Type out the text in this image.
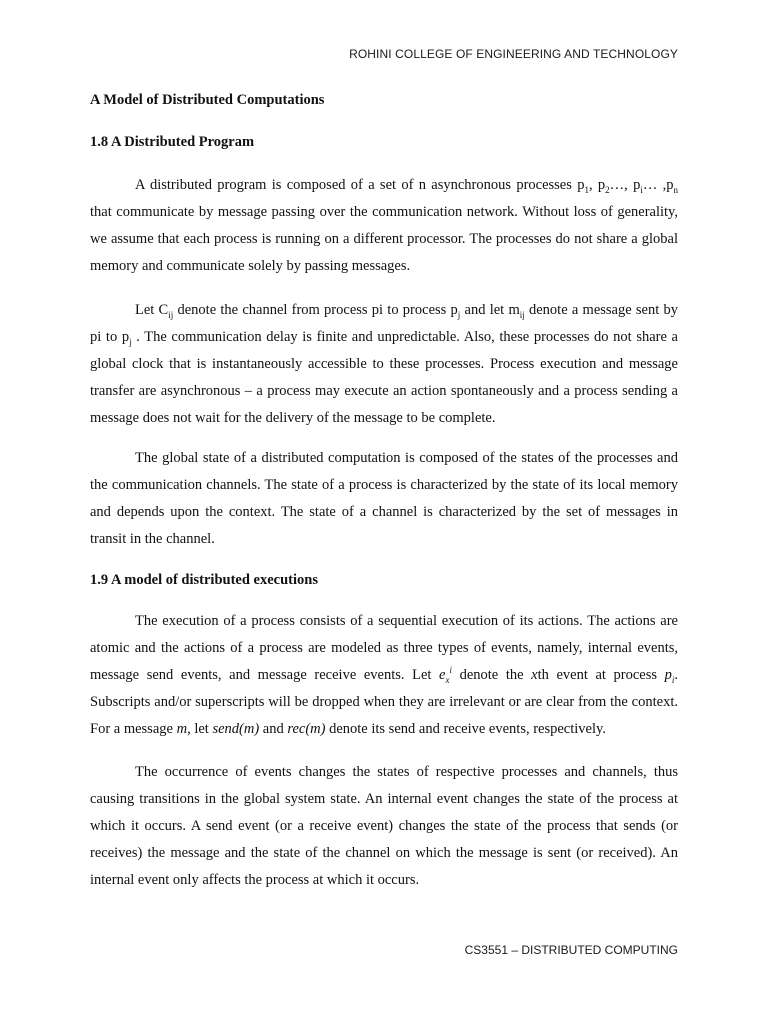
ROHINI COLLEGE OF ENGINEERING AND TECHNOLOGY
A Model of Distributed Computations
1.8 A Distributed Program

A distributed program is composed of a set of n asynchronous processes $p_1$, $p_2\dots$, $p_i\dots$ $,p_n$ that communicate by message passing over the communication network. Without loss of generality, we assume that each process is running on a different processor. The processes do not share a global memory and communicate solely by passing messages.

Let $C_{ij}$ denote the channel from process pi to process $p_j$ and let $m_{ij}$ denote a message sent by pi to $p_j$ . The communication delay is finite and unpredictable. Also, these processes do not share a global clock that is instantaneously accessible to these processes. Process execution and message transfer are asynchronous – a process may execute an action spontaneously and a process sending a message does not wait for the delivery of the message to be complete.

The global state of a distributed computation is composed of the states of the processes and the communication channels. The state of a process is characterized by the state of its local memory and depends upon the context. The state of a channel is characterized by the set of messages in transit in the channel.

1.9 A model of distributed executions

The execution of a process consists of a sequential execution of its actions. The actions are atomic and the actions of a process are modeled as three types of events, namely, internal events, message send events, and message receive events. Let $e_x^i$ denote the xth event at process $p_i$. Subscripts and/or superscripts will be dropped when they are irrelevant or are clear from the context. For a message m, let send(m) and rec(m) denote its send and receive events, respectively.

The occurrence of events changes the states of respective processes and channels, thus causing transitions in the global system state. An internal event changes the state of the process at which it occurs. A send event (or a receive event) changes the state of the process that sends (or receives) the message and the state of the channel on which the message is sent (or received). An internal event only affects the process at which it occurs.

CS3551 – DISTRIBUTED COMPUTING
